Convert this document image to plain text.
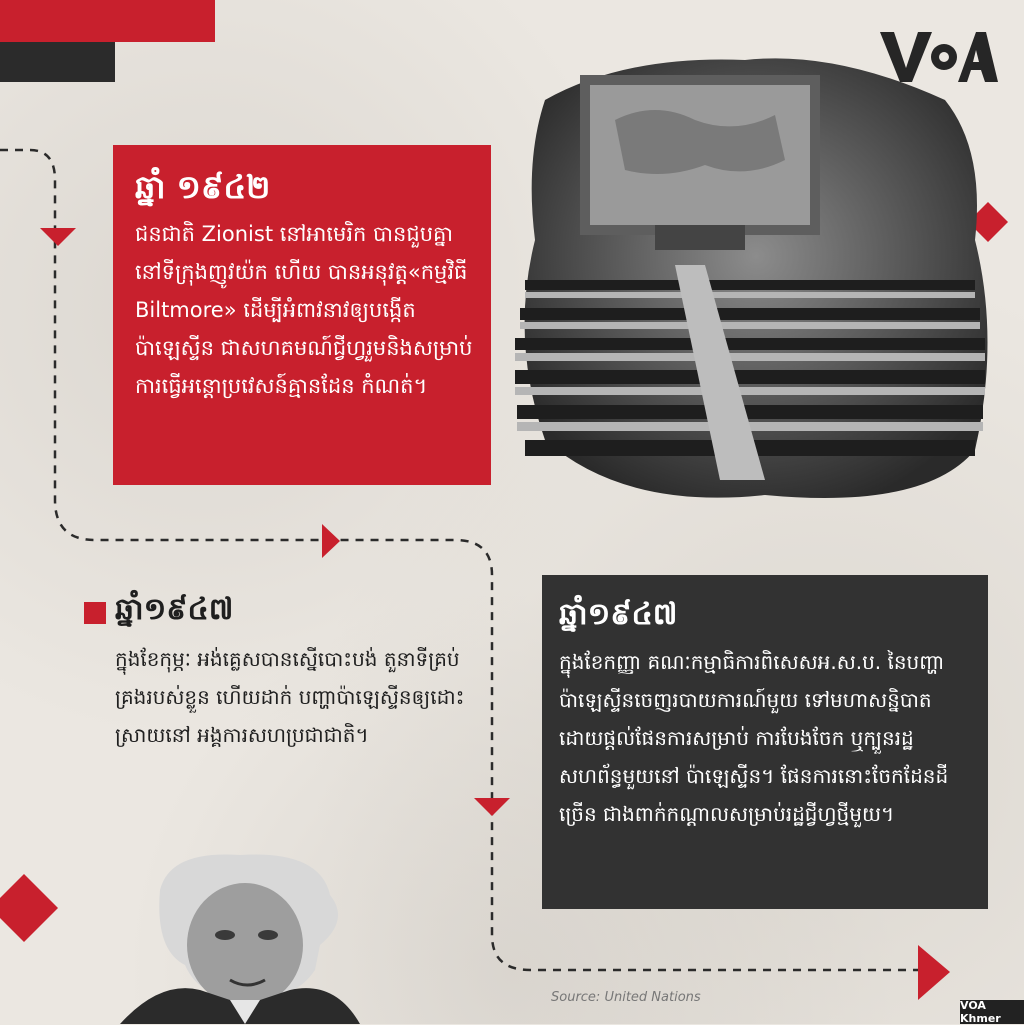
ឆ្នាំ ១៩៤២
ជនជាតិ Zionist នៅអាមេរិក បានជួបគ្នានៅទីក្រុងញូវយ៉ក ហើយ បានអនុវត្ត«កម្មវិធី Biltmore» ដើម្បីអំពាវនាវឲ្យបង្កើតប៉ាឡេស្ទីន ជាសហគមណ៍ជ្វីហ្វរួមនិងសម្រាប់ ការធ្វើអន្តោប្រវេសន៍គ្មានដែន កំណត់។
ឆ្នាំ១៩៤៧
ក្នុងខែកុម្ភៈ អង់គ្លេសបានស្នើបោះបង់ តួនាទីគ្រប់គ្រងរបស់ខ្លួន ហើយដាក់ បញ្ហាប៉ាឡេស្ទីនឲ្យដោះស្រាយនៅ អង្គការសហប្រជាជាតិ។
ឆ្នាំ១៩៤៧
ក្នុងខែកញ្ញា គណៈកម្មាធិការពិសេសអ.ស.ប. នៃបញ្ហាប៉ាឡេស្ទីនចេញរបាយការណ៍មួយ ទៅមហាសន្និបាត ដោយផ្តល់ផែនការសម្រាប់ ការបែងចែក ឬក្បួនរដ្ឋសហព័ន្ធមួយនៅ ប៉ាឡេស្ទីន។ ផែនការនោះចែកដែនដីច្រើន ជាងពាក់កណ្តាលសម្រាប់រដ្ឋជ្វីហ្វថ្មីមួយ។
Source: United Nations
VOA Khmer
